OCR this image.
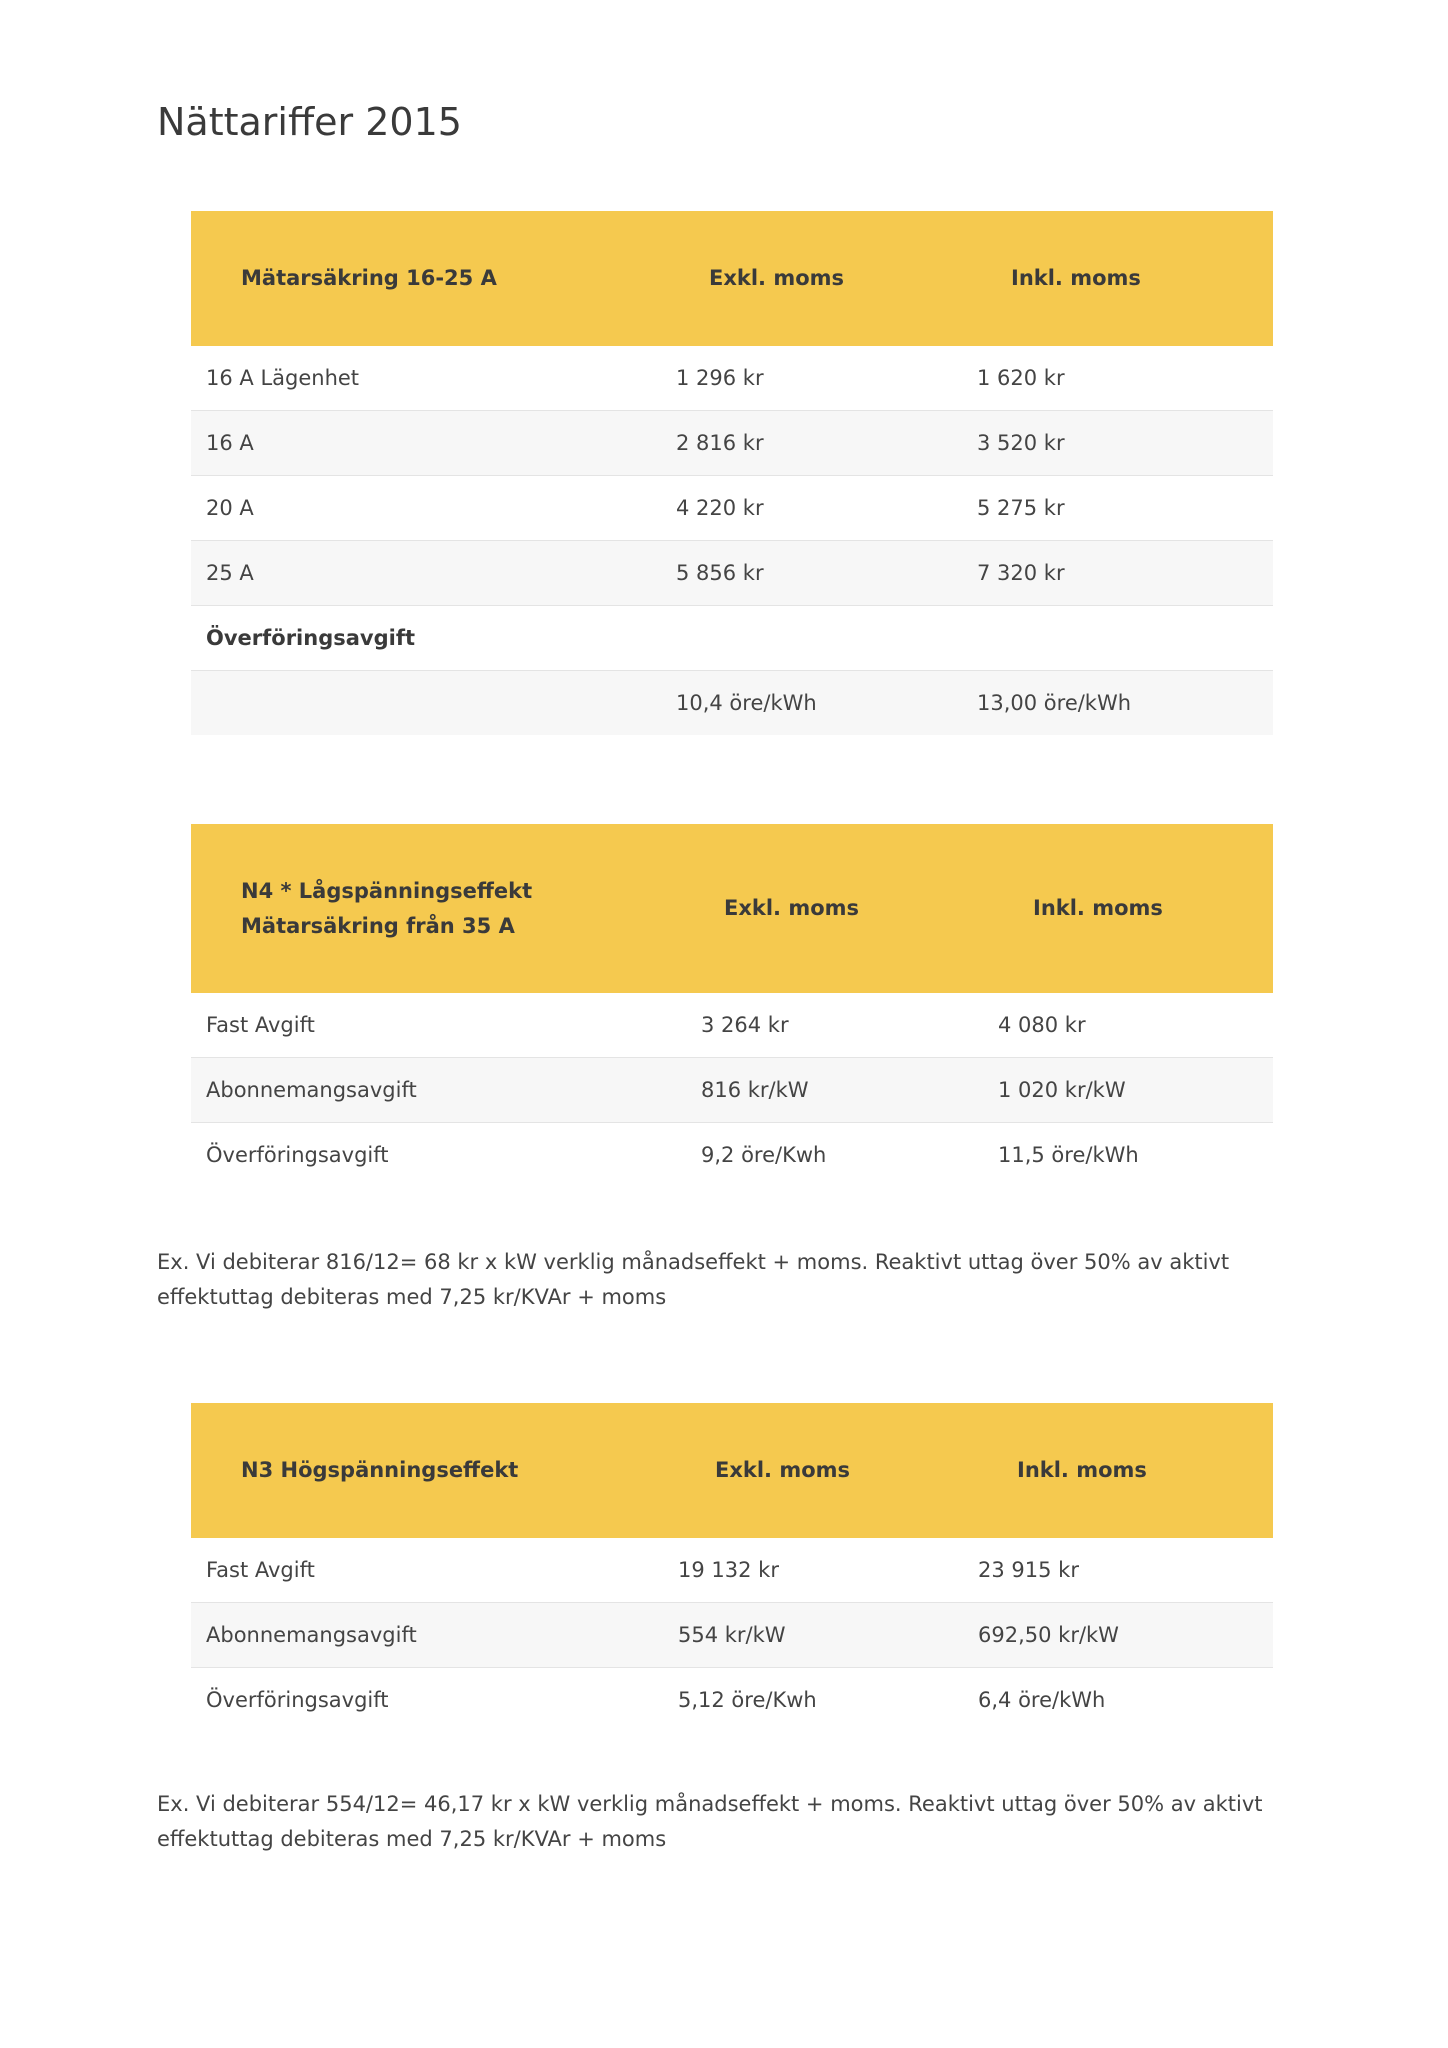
Nättariffer 2015
Mätarsäkring 16-25 A	Exkl. moms	Inkl. moms
16 A Lägenhet	1 296 kr	1 620 kr
16 A	2 816 kr	3 520 kr
20 A	4 220 kr	5 275 kr
25 A	5 856 kr	7 320 kr
Överföringsavgift		
	10,4 öre/kWh	13,00 öre/kWh
N4 * Lågspänningseffekt
Mätarsäkring från 35 A	Exkl. moms	Inkl. moms
Fast Avgift	3 264 kr	4 080 kr
Abonnemangsavgift	816 kr/kW	1 020 kr/kW
Överföringsavgift	9,2 öre/Kwh	11,5 öre/kWh

Ex. Vi debiterar 816/12= 68 kr x kW verklig månadseffekt + moms. Reaktivt uttag över 50% av aktivt effektuttag debiteras med 7,25 kr/KVAr + moms

N3 Högspänningseffekt	Exkl. moms	Inkl. moms
Fast Avgift	19 132 kr	23 915 kr
Abonnemangsavgift	554 kr/kW	692,50 kr/kW
Överföringsavgift	5,12 öre/Kwh	6,4 öre/kWh

Ex. Vi debiterar 554/12= 46,17 kr x kW verklig månadseffekt + moms. Reaktivt uttag över 50% av aktivt effektuttag debiteras med 7,25 kr/KVAr + moms
